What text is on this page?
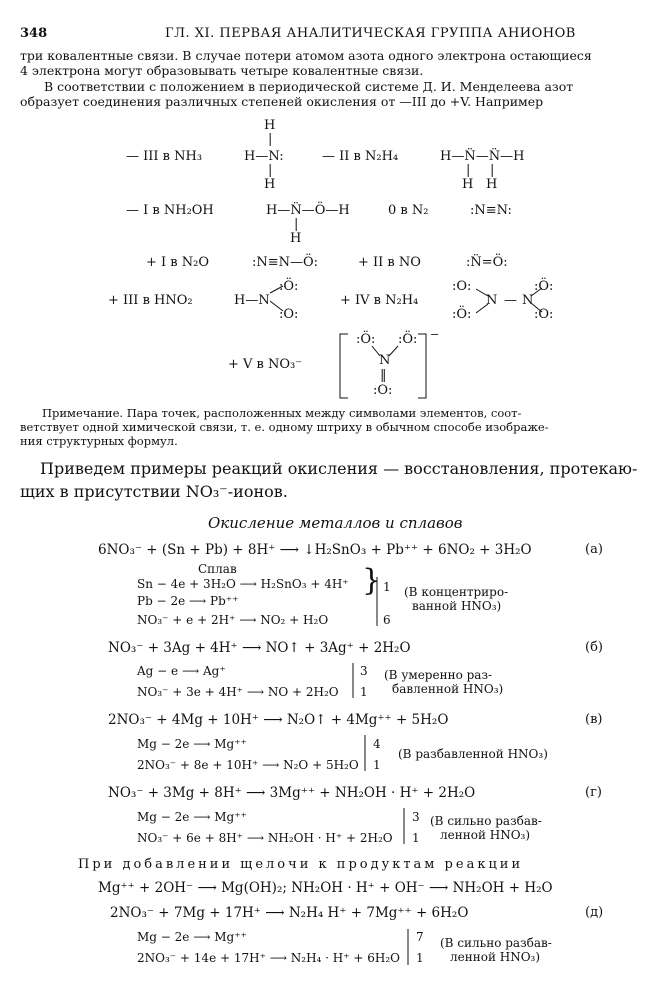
348	ГЛ. XI. ПЕРВАЯ АНАЛИТИЧЕСКАЯ ГРУППА АНИОНОВ
три ковалентные связи. В случае потери атомом азота одного электрона остающиеся
4 электрона могут образовывать четыре ковалентные связи.
В соответствии с положением в периодической системе Д. И. Менделеева азот
образует соединения различных степеней окисления от —III до +V. Например
H
|
— III в NH₃	H—N:
|
H
— II в N₂H₄	H—N̈—N̈—H
| |
H H
— I в NH₂OH	H—N̈—Ö—H
|
H
0 в N₂	:N≡N:
+ I в N₂O	:N≡N—Ö:	+ II в NO	:N̈=Ö:
+ III в HNO₂	H—N
:Ö:
:O:
+ IV в N₂H₄
:O:
:Ö:
N — N
:Ö:
:O:
+ V в NO₃⁻
:Ö: :Ö:
N
‖
:O:
−
Примечание. Пара точек, расположенных между символами элементов, соот-
ветствует одной химической связи, т. е. одному штриху в обычном способе изображе-
ния структурных формул.
Приведем примеры реакций окисления — восстановления, протекаю-
щих в присутствии NO₃⁻-ионов.
Окисление металлов и сплавов
6NO₃⁻ + (Sn + Pb) + 8H⁺ ⟶ ↓H₂SnO₃ + Pb⁺⁺ + 6NO₂ + 3H₂O	(а)
Сплав
Sn − 4e + 3H₂O ⟶ H₂SnO₃ + 4H⁺
Pb − 2e ⟶ Pb⁺⁺
NO₃⁻ + e + 2H⁺ ⟶ NO₂ + H₂O
} 1
6
(В концентриро-
ванной HNO₃)
NO₃⁻ + 3Ag + 4H⁺ ⟶ NO↑ + 3Ag⁺ + 2H₂O	(б)
Ag − e ⟶ Ag⁺
NO₃⁻ + 3e + 4H⁺ ⟶ NO + 2H₂O
3
1
(В умеренно раз-
бавленной HNO₃)
2NO₃⁻ + 4Mg + 10H⁺ ⟶ N₂O↑ + 4Mg⁺⁺ + 5H₂O	(в)
Mg − 2e ⟶ Mg⁺⁺
2NO₃⁻ + 8e + 10H⁺ ⟶ N₂O + 5H₂O
4
1
(В разбавленной HNO₃)
NO₃⁻ + 3Mg + 8H⁺ ⟶ 3Mg⁺⁺ + NH₂OH · H⁺ + 2H₂O	(г)
Mg − 2e ⟶ Mg⁺⁺
NO₃⁻ + 6e + 8H⁺ ⟶ NH₂OH · H⁺ + 2H₂O
3
1
(В сильно разбав-
ленной HNO₃)
При добавлении щелочи к продуктам реакции
Mg⁺⁺ + 2OH⁻ ⟶ Mg(OH)₂; NH₂OH · H⁺ + OH⁻ ⟶ NH₂OH + H₂O
2NO₃⁻ + 7Mg + 17H⁺ ⟶ N₂H₄ H⁺ + 7Mg⁺⁺ + 6H₂O	(д)
Mg − 2e ⟶ Mg⁺⁺
2NO₃⁻ + 14e + 17H⁺ ⟶ N₂H₄ · H⁺ + 6H₂O
7
1
(В сильно разбав-
ленной HNO₃)
